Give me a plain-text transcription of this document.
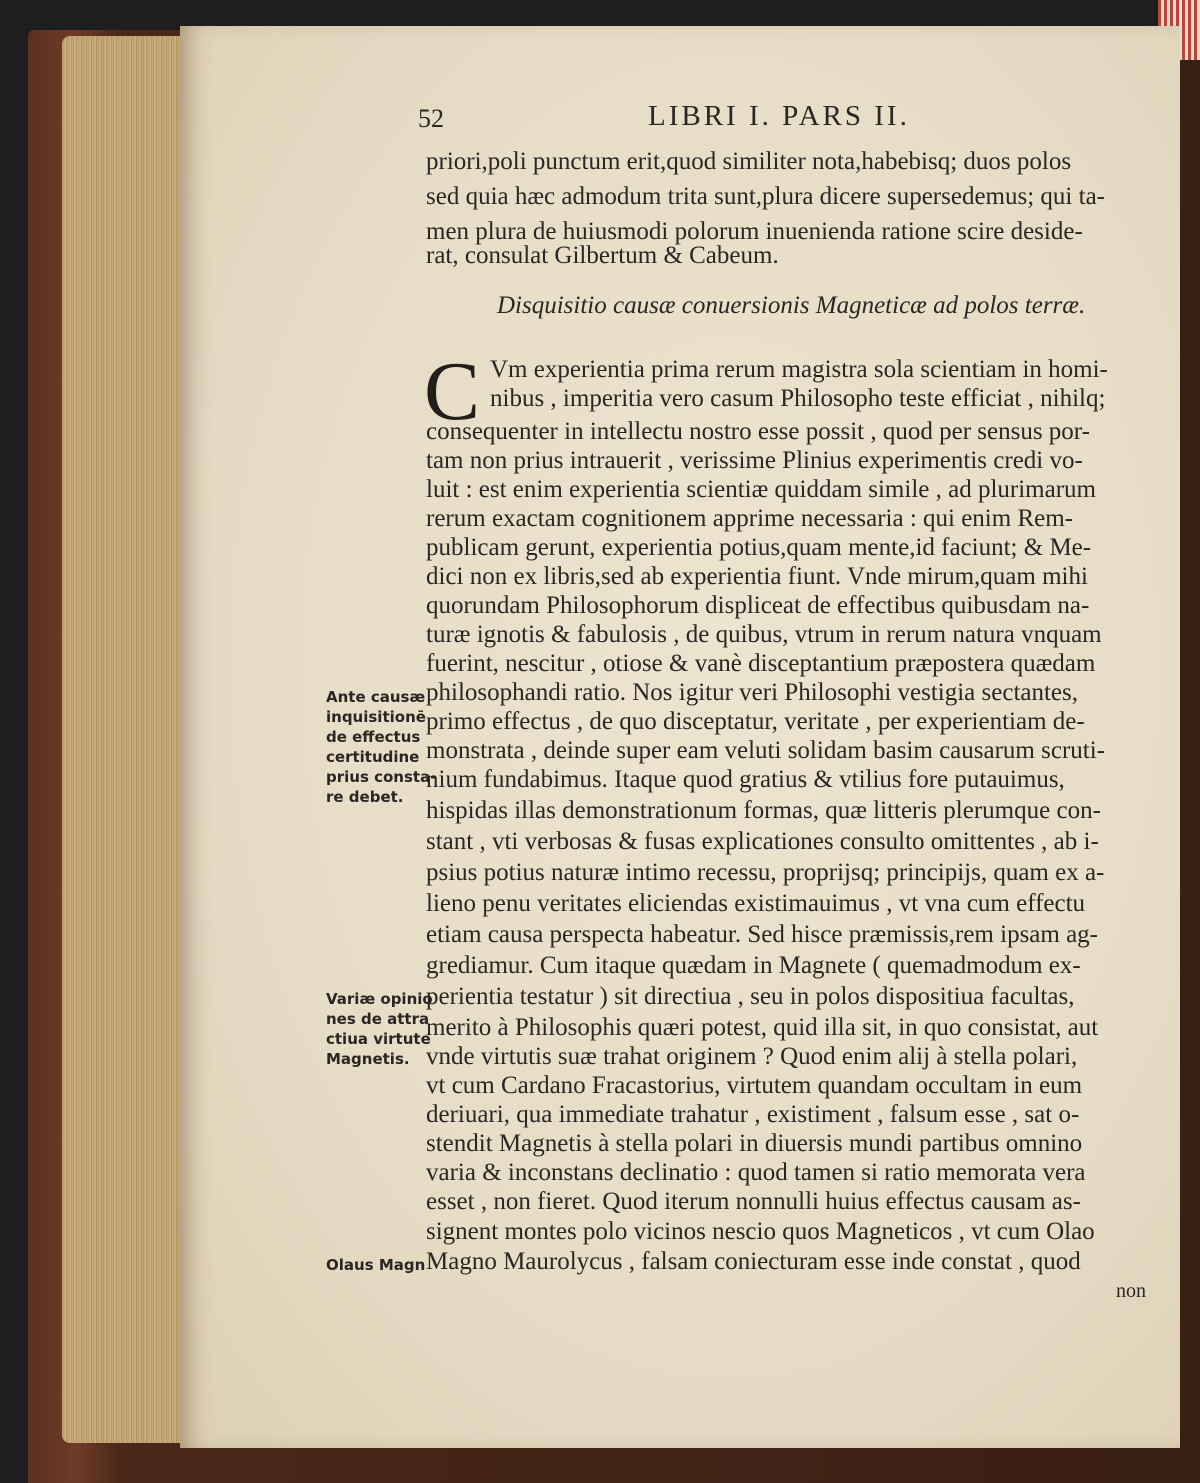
52	LIBRI I. PARS II.
priori,poli punctum erit,quod similiter nota,habebisq; duos polos
sed quia hæc admodum trita sunt,plura dicere supersedemus; qui ta-
men plura de huiusmodi polorum inuenienda ratione scire deside-
rat, consulat Gilbertum & Cabeum.
Disquisitio causæ conuersionis Magneticæ ad polos terræ.
C Vm experientia prima rerum magistra sola scientiam in homi-
nibus , imperitia vero casum Philosopho teste efficiat , nihilq;
consequenter in intellectu nostro esse possit , quod per sensus por-
tam non prius intrauerit , verissime Plinius experimentis credi vo-
luit : est enim experientia scientiæ quiddam simile , ad plurimarum
rerum exactam cognitionem apprime necessaria : qui enim Rem-
publicam gerunt, experientia potius,quam mente,id faciunt; & Me-
dici non ex libris,sed ab experientia fiunt. Vnde mirum,quam mihi
quorundam Philosophorum displiceat de effectibus quibusdam na-
turæ ignotis & fabulosis , de quibus, vtrum in rerum natura vnquam
fuerint, nescitur , otiose & vanè disceptantium præpostera quædam
philosophandi ratio. Nos igitur veri Philosophi vestigia sectantes,
primo effectus , de quo disceptatur, veritate , per experientiam de-
monstrata , deinde super eam veluti solidam basim causarum scruti-
nium fundabimus. Itaque quod gratius & vtilius fore putauimus,
hispidas illas demonstrationum formas, quæ litteris plerumque con-
stant , vti verbosas & fusas explicationes consulto omittentes , ab i-
psius potius naturæ intimo recessu, proprijsq; principijs, quam ex a-
lieno penu veritates eliciendas existimauimus , vt vna cum effectu
etiam causa perspecta habeatur. Sed hisce præmissis,rem ipsam ag-
grediamur. Cum itaque quædam in Magnete ( quemadmodum ex-
perientia testatur ) sit directiua , seu in polos dispositiua facultas,
merito à Philosophis quæri potest, quid illa sit, in quo consistat, aut
vnde virtutis suæ trahat originem ? Quod enim alij à stella polari,
vt cum Cardano Fracastorius, virtutem quandam occultam in eum
deriuari, qua immediate trahatur , existiment , falsum esse , sat o-
stendit Magnetis à stella polari in diuersis mundi partibus omnino
varia & inconstans declinatio : quod tamen si ratio memorata vera
esset , non fieret. Quod iterum nonnulli huius effectus causam as-
signent montes polo vicinos nescio quos Magneticos , vt cum Olao
Magno Maurolycus , falsam coniecturam esse inde constat , quod
non
Ante causæ
inquisitionē
de effectus
certitudine
prius consta-
re debet.
Variæ opinio
nes de attra
ctiua virtute
Magnetis.
Olaus Magn
